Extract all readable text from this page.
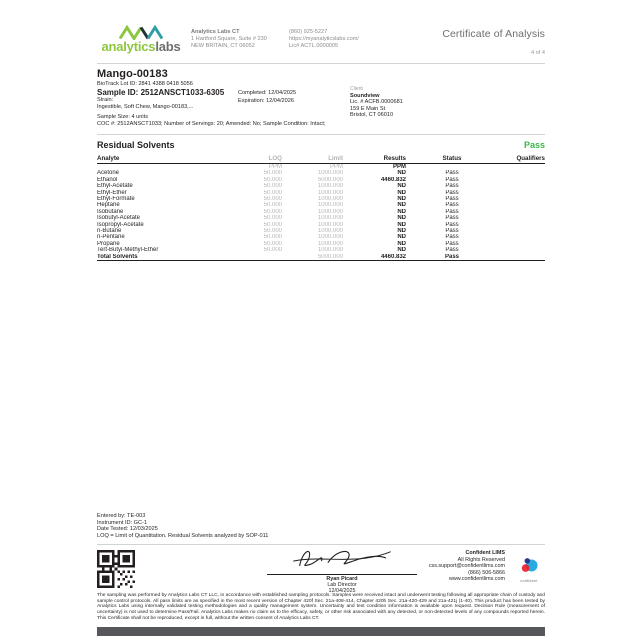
analyticslabs
Analytics Labs CT
1 Hartford Square, Suite # 230
NEW BRITAIN, CT 06052
(860) 925-5227
https://myanalyticslabs.com/
Lic# ACTL.0000005
Certificate of Analysis
4 of 4
Mango-00183
BioTrack Lot ID: 2841 4388 0418 5056
Sample ID: 2512ANSCT1033-6305
Strain:
Ingestible, Soft Chew, Mango-00183,...
Completed: 12/04/2025
Expiration: 12/04/2026
Client
Soundview
Lic. # ACFB.0000681
159 E Main St
Bristol, CT 06010
Sample Size: 4 units
COC #: 2512ANSCT1033; Number of Servings: 20; Amended: No; Sample Condition: Intact;
Residual Solvents	Pass
Analyte	LOQ	Limit	Results	Status	Qualifiers
	PPM	PPM	PPM		
Acetone	50.000	1000.000	ND	Pass	
Ethanol	50.000	5000.000	4460.832	Pass	
Ethyl-Acetate	50.000	1000.000	ND	Pass	
Ethyl-Ether	50.000	1000.000	ND	Pass	
Ethyl-Formate	50.000	1000.000	ND	Pass	
Heptane	50.000	1000.000	ND	Pass	
Isobutane	50.000	1000.000	ND	Pass	
Isobutyl-Acetate	50.000	1000.000	ND	Pass	
Isopropyl-Acetate	50.000	1000.000	ND	Pass	
n-Butane	50.000	1000.000	ND	Pass	
n-Pentane	50.000	1000.000	ND	Pass	
Propane	50.000	1000.000	ND	Pass	
Tert-Butyl-Methyl-Ether	50.000	1000.000	ND	Pass	
Total Solvents		5000.000	4460.832	Pass	
Entered by: TE-003
Instrument ID: GC-1
Date Tested: 12/03/2025
LOQ = Limit of Quantitation. Residual Solvents analyzed by SOP-011
Ryan Picard
Lab Director
12/04/2025
Confident LIMS
All Rights Reserved
css.support@confidentlims.com
(866) 506-5866
www.confidentlims.com	confident
The sampling was performed by Analytics Labs CT LLC, in accordance with established sampling protocols. Samples were received intact and underwent testing following all appropriate chain of custody and sample control protocols. All pass limits are as specified in the most recent version of Chapter 420f Sec. 21a-408-414, Chapter 420h Sec. 21a-420-429 and 21a-421j (1-40). This product has been tested by Analytics Labs using internally validated testing methodologies and a quality management system. Uncertainty and test condition information is available upon request. Decision Rule (measurement of uncertainty) is not used to determine Pass/Fail. Analytics Labs makes no claim as to the efficacy, safety, or other risk associated with any detected, or non-detected levels of any compounds reported herein. This Certificate shall not be reproduced, except in full, without the written consent of Analytics Labs CT.
